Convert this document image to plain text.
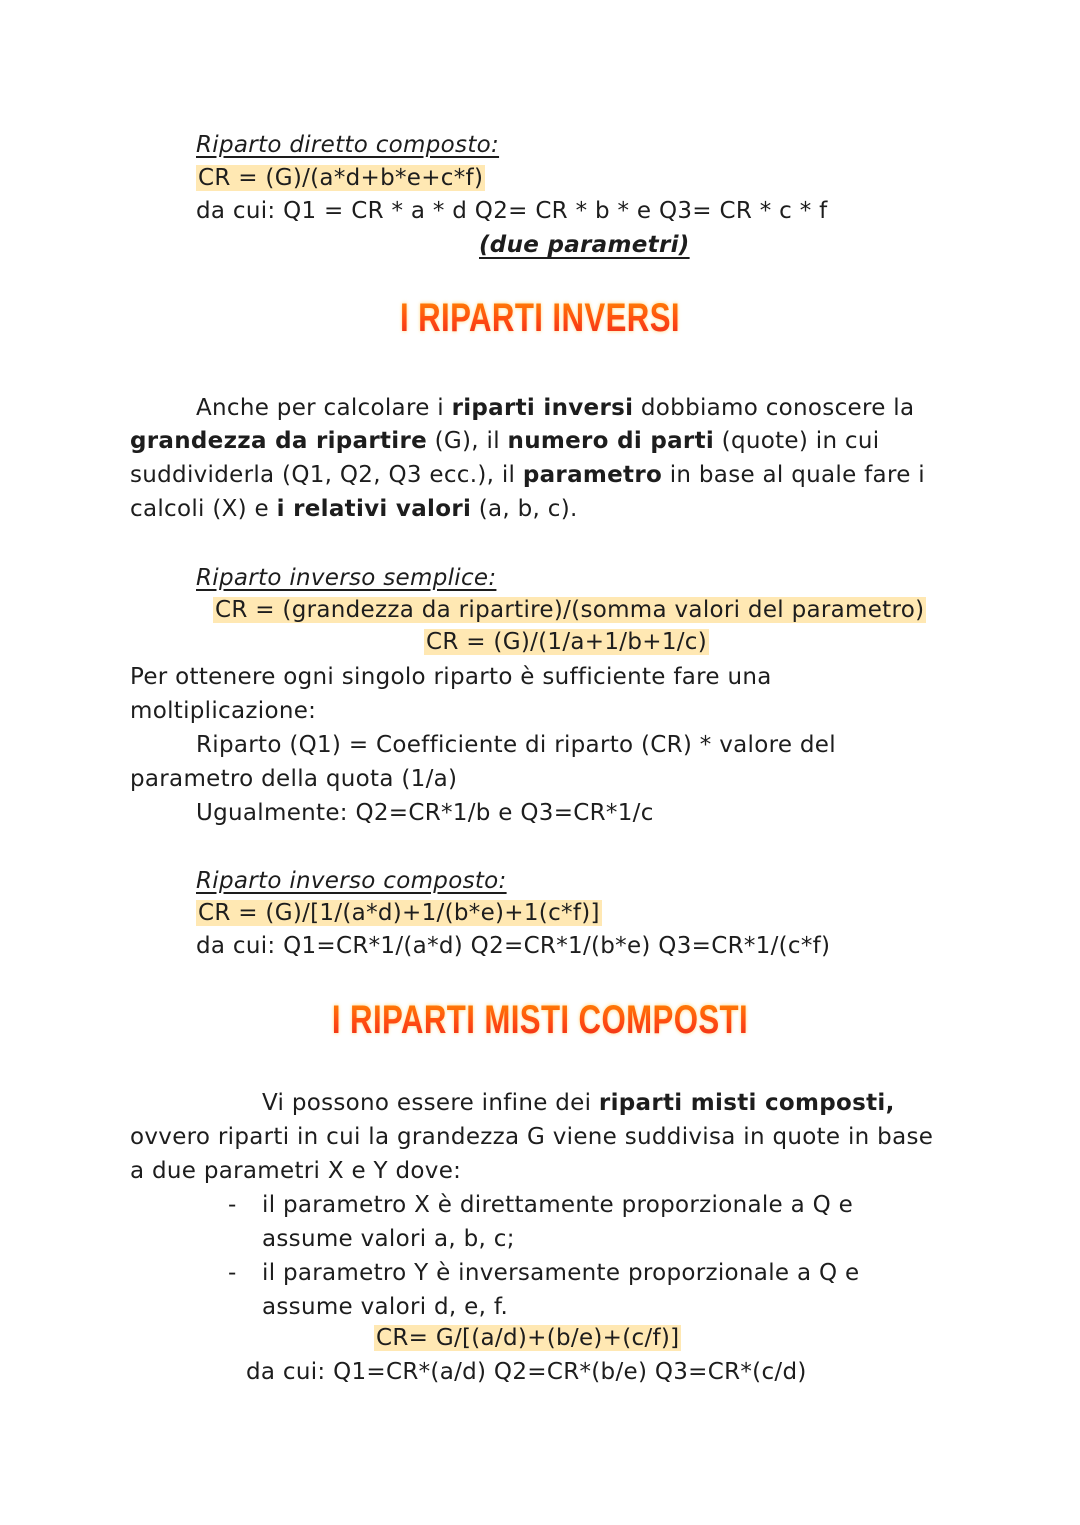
Riparto diretto composto:
CR = (G)/(a*d+b*e+c*f)
da cui: Q1 = CR * a * d Q2= CR * b * e Q3= CR * c * f
(due parametri)
I RIPARTI INVERSI
Anche per calcolare i riparti inversi dobbiamo conoscere la
grandezza da ripartire (G), il numero di parti (quote) in cui
suddividerla (Q1, Q2, Q3 ecc.), il parametro in base al quale fare i
calcoli (X) e i relativi valori (a, b, c).
Riparto inverso semplice:
CR = (grandezza da ripartire)/(somma valori del parametro)
CR = (G)/(1/a+1/b+1/c)
Per ottenere ogni singolo riparto è sufficiente fare una
moltiplicazione:
Riparto (Q1) = Coefficiente di riparto (CR) * valore del
parametro della quota (1/a)
Ugualmente: Q2=CR*1/b e Q3=CR*1/c
Riparto inverso composto:
CR = (G)/[1/(a*d)+1/(b*e)+1(c*f)]
da cui: Q1=CR*1/(a*d) Q2=CR*1/(b*e) Q3=CR*1/(c*f)
I RIPARTI MISTI COMPOSTI
Vi possono essere infine dei riparti misti composti,
ovvero riparti in cui la grandezza G viene suddivisa in quote in base
a due parametri X e Y dove:
- il parametro X è direttamente proporzionale a Q e
assume valori a, b, c;
- il parametro Y è inversamente proporzionale a Q e
assume valori d, e, f.
CR= G/[(a/d)+(b/e)+(c/f)]
da cui: Q1=CR*(a/d) Q2=CR*(b/e) Q3=CR*(c/d)
